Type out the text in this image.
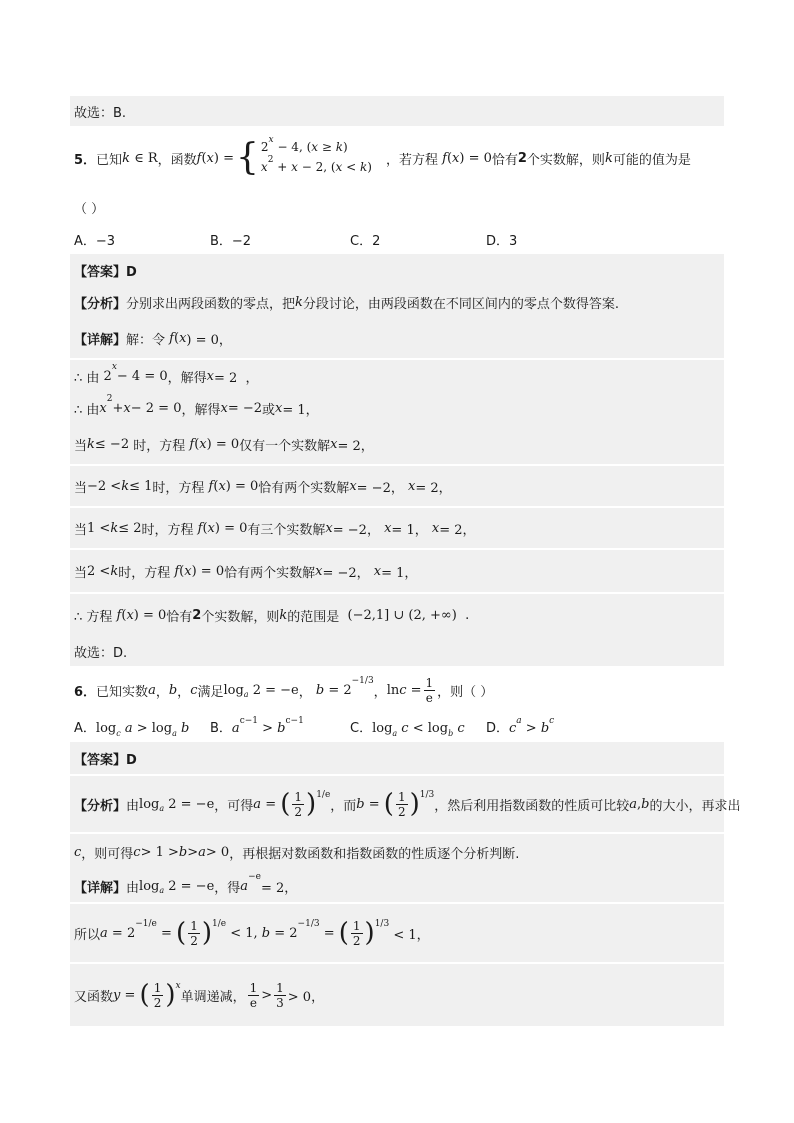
故选：B.
5． 已知 k ∈ R ，函数 f ( x ) = { $2^x - 4$, (x ≥ k)
$x^2 + x - 2$, (x < k) ，若方程 f ( x ) = 0 恰有 2 个实数解，则 k 可能的值为是
（ ）
A．−3	B．−2	C．2	D．3
【答案】D
【分析】 分别求出两段函数的零点，把 k 分段讨论，由两段函数在不同区间内的零点个数得答案.
【详解】 解：令 f ( x ) = 0，
∴ 由 2
x
− 4 = 0 ，解得 x = 2  ，
∴ 由 x
2
+ x − 2 = 0 ，解得 x = −2 或 x = 1，
当 k ≤ −2 时，方程 f ( x ) = 0 仅有一个实数解 x = 2，
当 −2 < k ≤ 1 时，方程 f ( x ) = 0 恰有两个实数解 x = −2， x = 2，
当 1 < k ≤ 2 时，方程 f ( x ) = 0 有三个实数解 x = −2， x = 1， x = 2，
当 2 < k 时，方程 f ( x ) = 0 恰有两个实数解 x = −2， x = 1，
∴ 方程 f ( x ) = 0 恰有 2 个实数解，则 k 的范围是 (−2,1] ∪ (2, +∞)  .
故选：D.
6． 已知实数 a ， b ， c 满足 log a 2 = −e ， b = 2
−1/3
， $\ln c = \frac{1}{e}$ ，则（ ）
A．$\log_c a > \log_a b$ B．$a^{c-1} > b^{c-1}$	C．$\log_a c < \log_b c$ D．$c^a > b^c$
【答案】D
【分析】 由 log a 2 = −e ，可得 a = ( $\frac{1}{2}$ ) 1/e
，而 b = ( $\frac{1}{2}$ ) 1/3
，然后利用指数函数的性质可比较 a , b 的大小，再求出
c ，则可得 c > 1 > b > a > 0 ，再根据对数函数和指数函数的性质逐个分析判断.
【详解】 由 log a 2 = −e ，得 a
−e
= 2，
所以 a = 2
−1/e
= ( $\frac{1}{2}$ ) 1/e
< 1, b = 2
−1/3
= ( $\frac{1}{2}$ ) 1/3
< 1，
又函数 y = ( $\frac{1}{2}$ ) x
单调递减， $\frac{1}{e} > \frac{1}{3} > 0$，
